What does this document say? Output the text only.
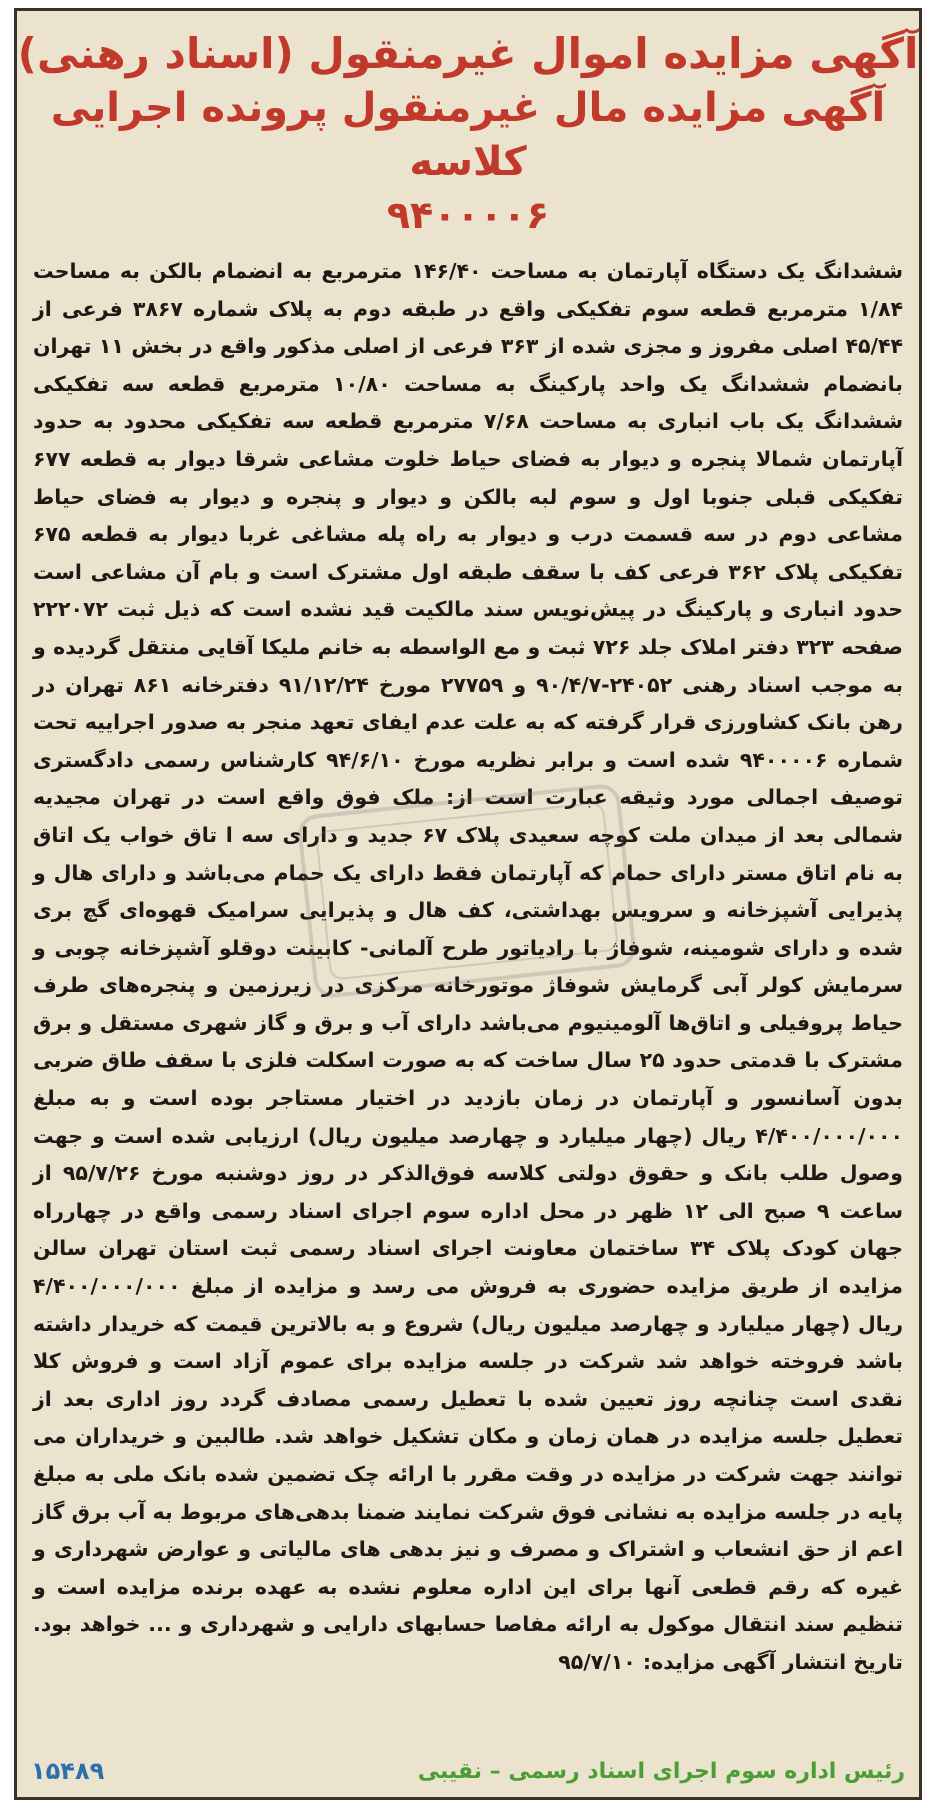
آگهی مزایده اموال غیرمنقول (اسناد رهنی)
آگهی مزایده مال غیرمنقول پرونده اجرایی کلاسه
۹۴۰۰۰۰۶
ششدانگ یک دستگاه آپارتمان به مساحت ۱۴۶/۴۰ مترمربع به انضمام بالکن به مساحت ۱/۸۴ مترمربع قطعه سوم تفکیکی واقع در طبقه دوم به پلاک شماره ۳۸۶۷ فرعی از ۴۵/۴۴ اصلی مفروز و مجزی شده از ۳۶۳ فرعی از اصلی مذکور واقع در بخش ۱۱ تهران بانضمام ششدانگ یک واحد پارکینگ به مساحت ۱۰/۸۰ مترمربع قطعه سه تفکیکی ششدانگ یک باب انباری به مساحت ۷/۶۸ مترمربع قطعه سه تفکیکی محدود به حدود آپارتمان شمالا پنجره و دیوار به فضای حیاط خلوت مشاعی شرقا دیوار به قطعه ۶۷۷ تفکیکی قبلی جنوبا اول و سوم لبه بالکن و دیوار و پنجره و دیوار به فضای حیاط مشاعی دوم در سه قسمت درب و دیوار به راه پله مشاغی غربا دیوار به قطعه ۶۷۵ تفکیکی پلاک ۳۶۲ فرعی کف با سقف طبقه اول مشترک است و بام آن مشاعی است حدود انباری و پارکینگ در پیش‌نویس سند مالکیت قید نشده است که ذیل ثبت ۲۲۲۰۷۲ صفحه ۳۲۳ دفتر املاک جلد ۷۲۶ ثبت و مع الواسطه به خانم ملیکا آقایی منتقل گردیده و به موجب اسناد رهنی ۲۴۰۵۲-۹۰/۴/۷ و ۲۷۷۵۹ مورخ ۹۱/۱۲/۲۴ دفترخانه ۸۶۱ تهران در رهن بانک کشاورزی قرار گرفته که به علت عدم ایفای تعهد منجر به صدور اجراییه تحت شماره ۹۴۰۰۰۰۶ شده است و برابر نظریه مورخ ۹۴/۶/۱۰ کارشناس رسمی دادگستری توصیف اجمالی مورد وثیقه عبارت است از: ملک فوق واقع است در تهران مجیدیه شمالی بعد از میدان ملت کوچه سعیدی پلاک ۶۷ جدید و دارای سه ا تاق خواب یک اتاق به نام اتاق مستر دارای حمام که آپارتمان فقط دارای یک حمام می‌باشد و دارای هال و پذیرایی آشپزخانه و سرویس بهداشتی، کف هال و پذیرایی سرامیک قهوه‌ای گچ بری شده و دارای شومینه، شوفاژ با رادیاتور طرح آلمانی- کابینت دوقلو آشپزخانه چوبی و سرمایش کولر آبی گرمایش شوفاژ موتورخانه مرکزی در زیرزمین و پنجره‌های طرف حیاط پروفیلی و اتاق‌ها آلومینیوم می‌باشد دارای آب و برق و گاز شهری مستقل و برق مشترک با قدمتی حدود ۲۵ سال ساخت که به صورت اسکلت فلزی با سقف طاق ضربی بدون آسانسور و آپارتمان در زمان بازدید در اختیار مستاجر بوده است و به مبلغ ۴/۴۰۰/۰۰۰/۰۰۰ ریال (چهار میلیارد و چهارصد میلیون ریال) ارزیابی شده است و جهت وصول طلب بانک و حقوق دولتی کلاسه فوق‌الذکر در روز دوشنبه مورخ ۹۵/۷/۲۶ از ساعت ۹ صبح الی ۱۲ ظهر در محل اداره سوم اجرای اسناد رسمی واقع در چهارراه جهان کودک پلاک ۳۴ ساختمان معاونت اجرای اسناد رسمی ثبت استان تهران سالن مزایده از طریق مزایده حضوری به فروش می رسد و مزایده از مبلغ ۴/۴۰۰/۰۰۰/۰۰۰ ریال (چهار میلیارد و چهارصد میلیون ریال) شروع و به بالاترین قیمت که خریدار داشته باشد فروخته خواهد شد شرکت در جلسه مزایده برای عموم آزاد است و فروش کلا نقدی است چنانچه روز تعیین شده با تعطیل رسمی مصادف گردد روز اداری بعد از تعطیل جلسه مزایده در همان زمان و مکان تشکیل خواهد شد. طالبین و خریداران می توانند جهت شرکت در مزایده در وقت مقرر با ارائه چک تضمین شده بانک ملی به مبلغ پایه در جلسه مزایده به نشانی فوق شرکت نمایند ضمنا بدهی‌های مربوط به آب برق گاز اعم از حق انشعاب و اشتراک و مصرف و نیز بدهی های مالیاتی و عوارض شهرداری و غیره که رقم قطعی آنها برای این اداره معلوم نشده به عهده برنده مزایده است و تنظیم سند انتقال موکول به ارائه مفاصا حسابهای دارایی و شهرداری و ... خواهد بود. تاریخ انتشار آگهی مزایده: ۹۵/۷/۱۰
رئیس اداره سوم اجرای اسناد رسمی – نقیبی
۱۵۴۸۹
